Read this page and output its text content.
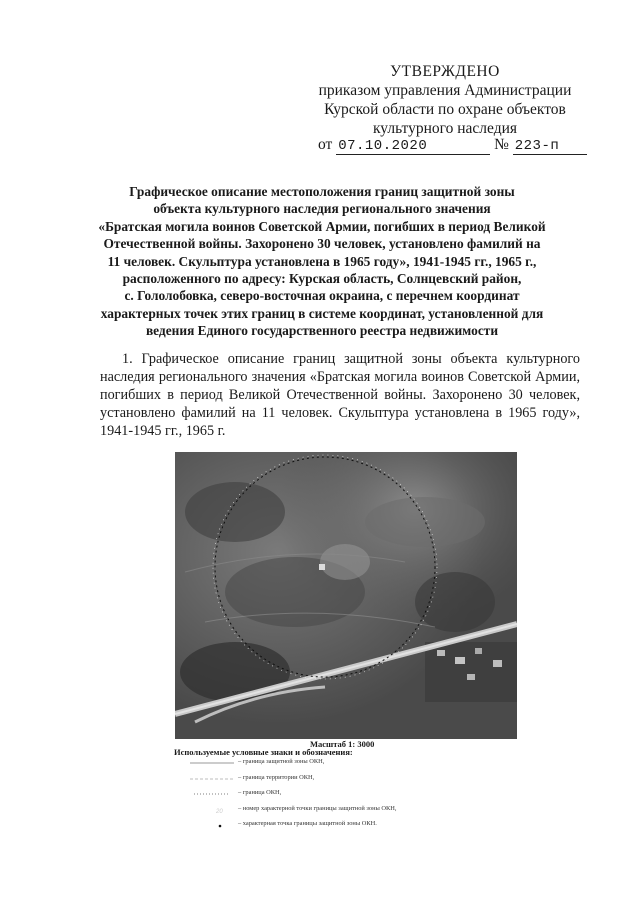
УТВЕРЖДЕНО
приказом управления Администрации
Курской области по охране объектов
культурного наследия
от 07.10.2020	№ 223-п
Графическое описание местоположения границ защитной зоны
объекта культурного наследия регионального значения
«Братская могила воинов Советской Армии, погибших в период Великой
Отечественной войны. Захоронено 30 человек, установлено фамилий на
11 человек. Скульптура установлена в 1965 году», 1941-1945 гг., 1965 г.,
расположенного по адресу: Курская область, Солнцевский район,
с. Гололобовка, северо-восточная окраина, с перечнем координат
характерных точек этих границ в системе координат, установленной для
ведения Единого государственного реестра недвижимости
1. Графическое описание границ защитной зоны объекта культурного наследия регионального значения «Братская могила воинов Советской Армии, погибших в период Великой Отечественной войны. Захоронено 30 человек, установлено фамилий на 11 человек. Скульптура установлена в 1965 году», 1941-1945 гг., 1965 г.
Масштаб 1: 3000
Используемые условные знаки и обозначения:
– граница защитной зоны ОКН,
– граница территории ОКН,
– граница ОКН,
20 – номер характерной точки границы защитной зоны ОКН,
– характерная точка границы защитной зоны ОКН.
